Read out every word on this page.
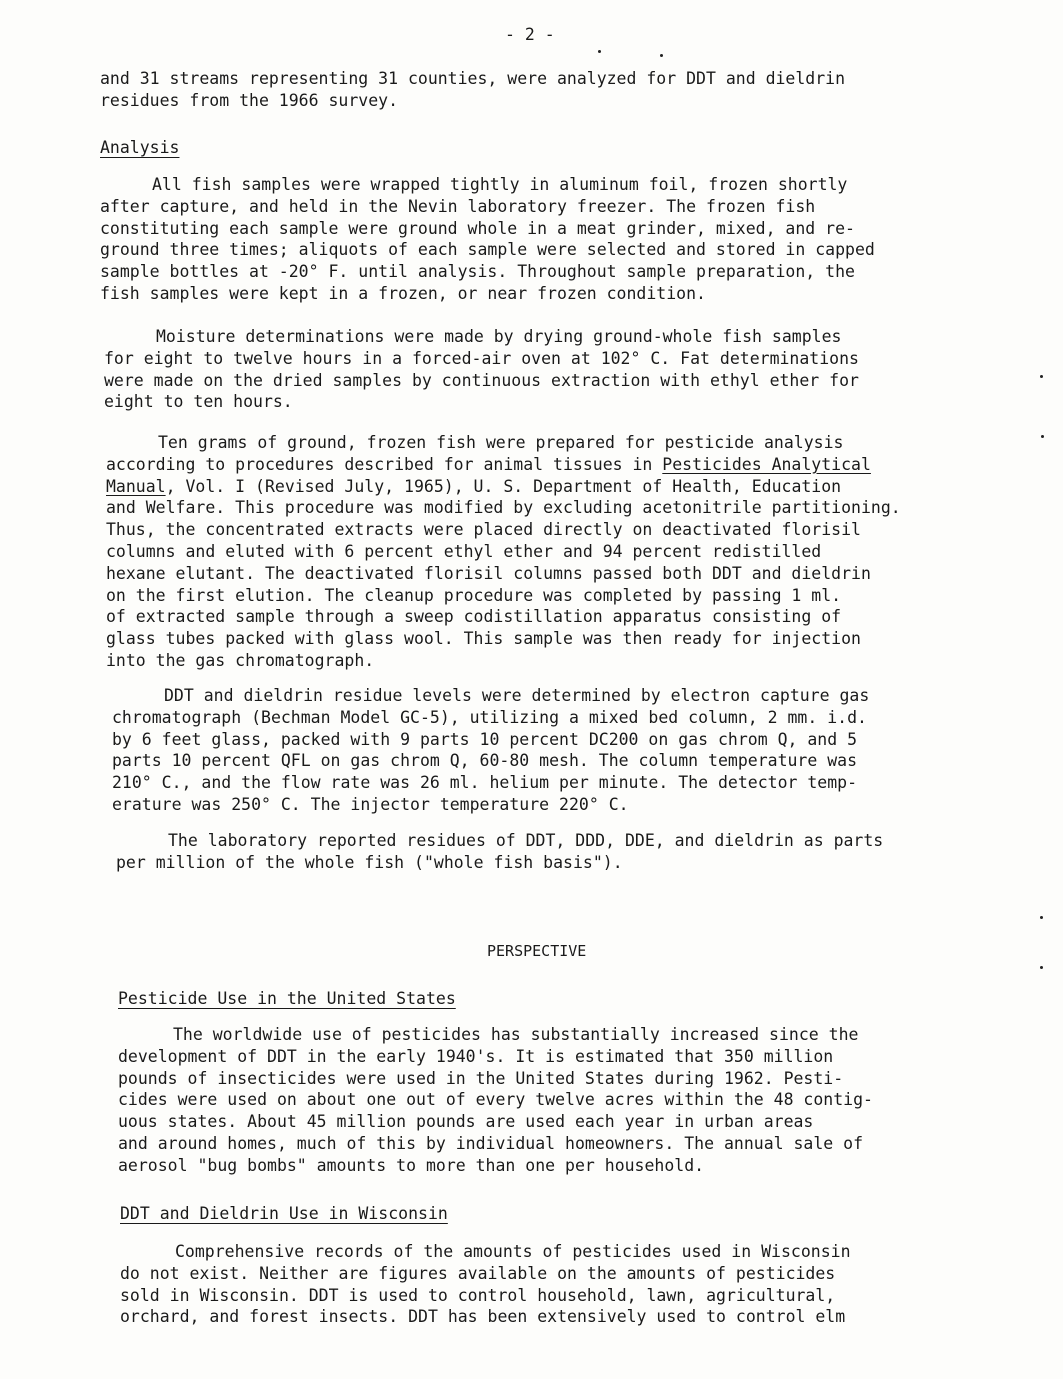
- 2 -

and 31 streams representing 31 counties, were analyzed for DDT and dieldrin
residues from the 1966 survey.

Analysis

All fish samples were wrapped tightly in aluminum foil, frozen shortly
after capture, and held in the Nevin laboratory freezer. The frozen fish
constituting each sample were ground whole in a meat grinder, mixed, and re-
ground three times; aliquots of each sample were selected and stored in capped
sample bottles at -20° F. until analysis. Throughout sample preparation, the
fish samples were kept in a frozen, or near frozen condition.

Moisture determinations were made by drying ground-whole fish samples
for eight to twelve hours in a forced-air oven at 102° C. Fat determinations
were made on the dried samples by continuous extraction with ethyl ether for
eight to ten hours.

Ten grams of ground, frozen fish were prepared for pesticide analysis
according to procedures described for animal tissues in Pesticides Analytical
Manual, Vol. I (Revised July, 1965), U. S. Department of Health, Education
and Welfare. This procedure was modified by excluding acetonitrile partitioning.
Thus, the concentrated extracts were placed directly on deactivated florisil
columns and eluted with 6 percent ethyl ether and 94 percent redistilled
hexane elutant. The deactivated florisil columns passed both DDT and dieldrin
on the first elution. The cleanup procedure was completed by passing 1 ml.
of extracted sample through a sweep codistillation apparatus consisting of
glass tubes packed with glass wool. This sample was then ready for injection
into the gas chromatograph.

DDT and dieldrin residue levels were determined by electron capture gas
chromatograph (Bechman Model GC-5), utilizing a mixed bed column, 2 mm. i.d.
by 6 feet glass, packed with 9 parts 10 percent DC200 on gas chrom Q, and 5
parts 10 percent QFL on gas chrom Q, 60-80 mesh. The column temperature was
210° C., and the flow rate was 26 ml. helium per minute. The detector temp-
erature was 250° C. The injector temperature 220° C.

The laboratory reported residues of DDT, DDD, DDE, and dieldrin as parts
per million of the whole fish ("whole fish basis").

PERSPECTIVE

Pesticide Use in the United States

The worldwide use of pesticides has substantially increased since the
development of DDT in the early 1940's. It is estimated that 350 million
pounds of insecticides were used in the United States during 1962. Pesti-
cides were used on about one out of every twelve acres within the 48 contig-
uous states. About 45 million pounds are used each year in urban areas
and around homes, much of this by individual homeowners. The annual sale of
aerosol "bug bombs" amounts to more than one per household.

DDT and Dieldrin Use in Wisconsin

Comprehensive records of the amounts of pesticides used in Wisconsin
do not exist. Neither are figures available on the amounts of pesticides
sold in Wisconsin. DDT is used to control household, lawn, agricultural,
orchard, and forest insects. DDT has been extensively used to control elm
